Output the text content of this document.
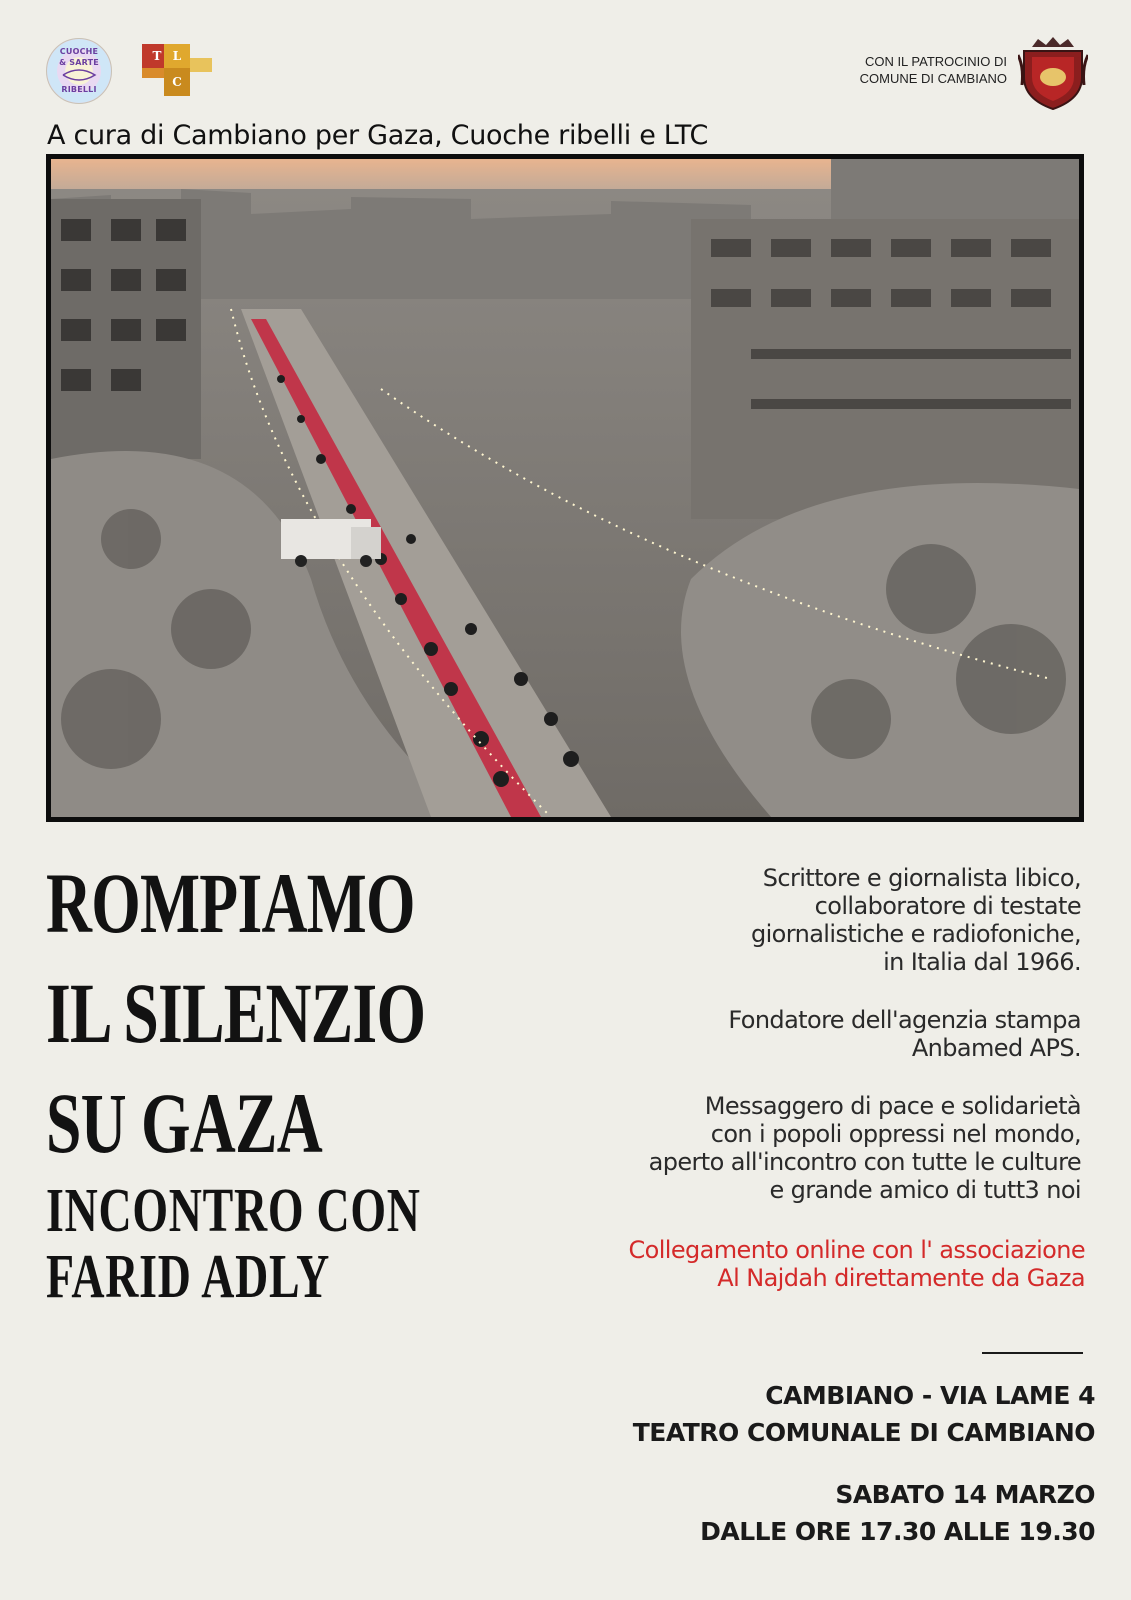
CUOCHE
& SARTE
RIBELLI
T L
C
CON IL PATROCINIO DI
COMUNE DI CAMBIANO
A cura di Cambiano per Gaza, Cuoche ribelli e LTC
ROMPIAMO
IL SILENZIO
SU GAZA
INCONTRO CON
FARID ADLY
Scrittore e giornalista libico,
collaboratore di testate
giornalistiche e radiofoniche,
in Italia dal 1966.
Fondatore dell'agenzia stampa
Anbamed APS.
Messaggero di pace e solidarietà
con i popoli oppressi nel mondo,
aperto all'incontro con tutte le culture
e grande amico di tutt3 noi
Collegamento online con l' associazione
Al Najdah direttamente da Gaza
CAMBIANO - VIA LAME 4
TEATRO COMUNALE DI CAMBIANO
SABATO 14 MARZO
DALLE ORE 17.30 ALLE 19.30
